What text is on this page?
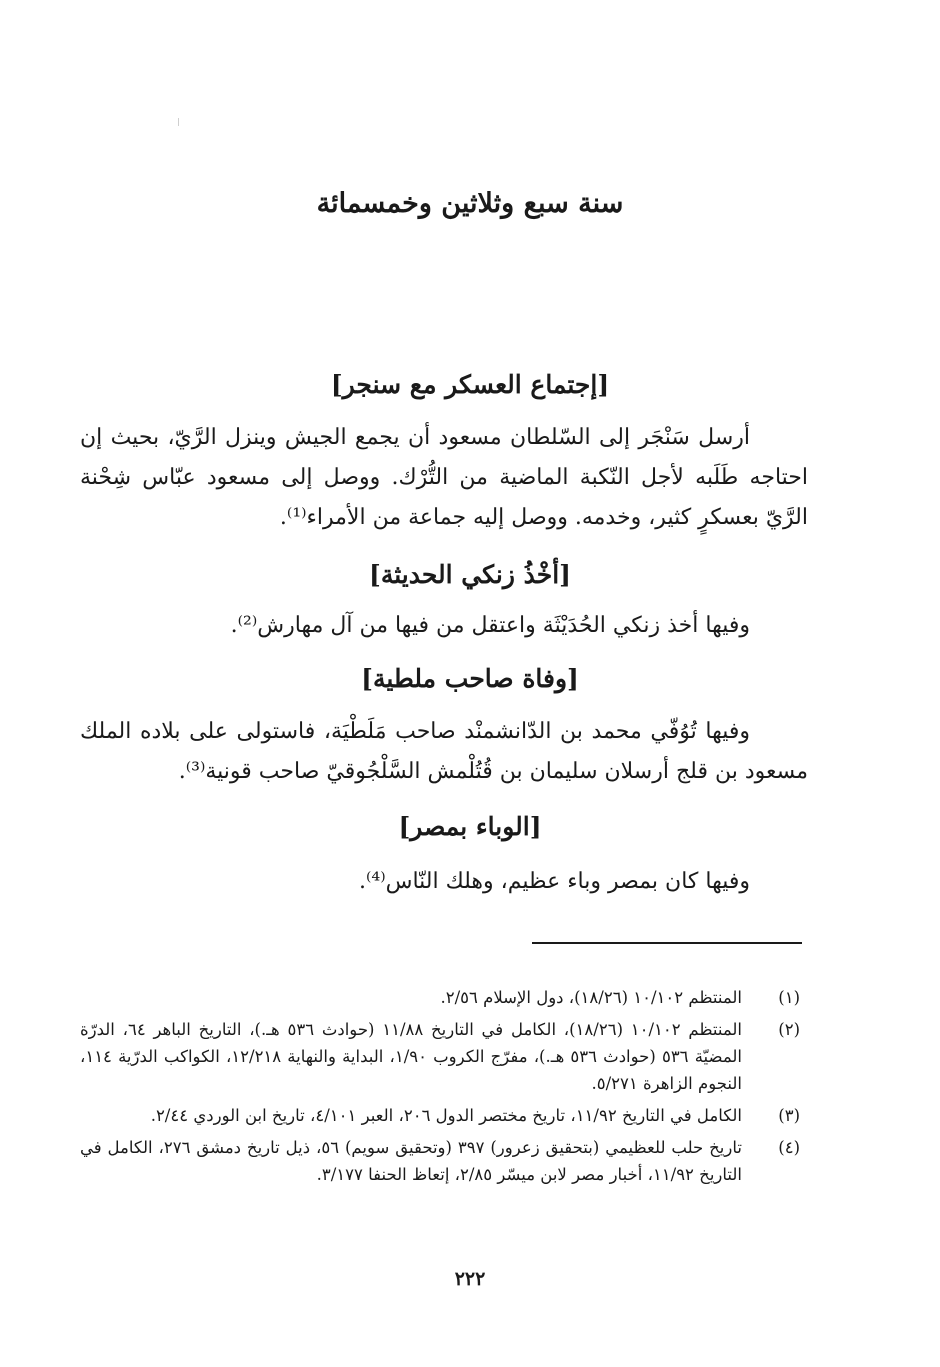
سنة سبع وثلاثين وخمسمائة
[إجتماع العسكر مع سنجر]

أرسل سَنْجَر إلى السّلطان مسعود أن يجمع الجيش وينزل الرَّيّ، بحيث إن احتاجه طَلَبه لأجل النّكبة الماضية من التُّرْك. ووصل إلى مسعود عبّاس شِحْنة الرَّيّ بعسكرٍ كثير، وخدمه. ووصل إليه جماعة من الأمراء⁽¹⁾.

[أخْذُ زنكي الحديثة]

وفيها أخذ زنكي الحُدَيْثَة واعتقل من فيها من آل مهارش⁽²⁾.

[وفاة صاحب ملطية]

وفيها تُوُفّي محمد بن الدّانشمنْد صاحب مَلَطْيَة، فاستولى على بلاده الملك مسعود بن قلج أرسلان سليمان بن قُتُلْمش السَّلْجُوقيّ صاحب قونية⁽³⁾.

[الوباء بمصر]

وفيها كان بمصر وباء عظيم، وهلك النّاس⁽⁴⁾.

(١)
المنتظم ١٠/١٠٢ (١٨/٢٦)، دول الإسلام ٢/٥٦.
(٢)
المنتظم ١٠/١٠٢ (١٨/٢٦)، الكامل في التاريخ ١١/٨٨ (حوادث ٥٣٦ هـ.)، التاريخ الباهر ٦٤، الدرّة المضيّة ٥٣٦ (حوادث ٥٣٦ هـ.)، مفرّج الكروب ١/٩٠، البداية والنهاية ١٢/٢١٨، الكواكب الدرّية ١١٤، النجوم الزاهرة ٥/٢٧١.
(٣)
الكامل في التاريخ ١١/٩٢، تاريخ مختصر الدول ٢٠٦، العبر ٤/١٠١، تاريخ ابن الوردي ٢/٤٤.
(٤)
تاريخ حلب للعظيمي (بتحقيق زعرور) ٣٩٧ (وتحقيق سويم) ٥٦، ذيل تاريخ دمشق ٢٧٦، الكامل في التاريخ ١١/٩٢، أخبار مصر لابن ميسّر ٢/٨٥، إتعاظ الحنفا ٣/١٧٧.
٢٢٢
